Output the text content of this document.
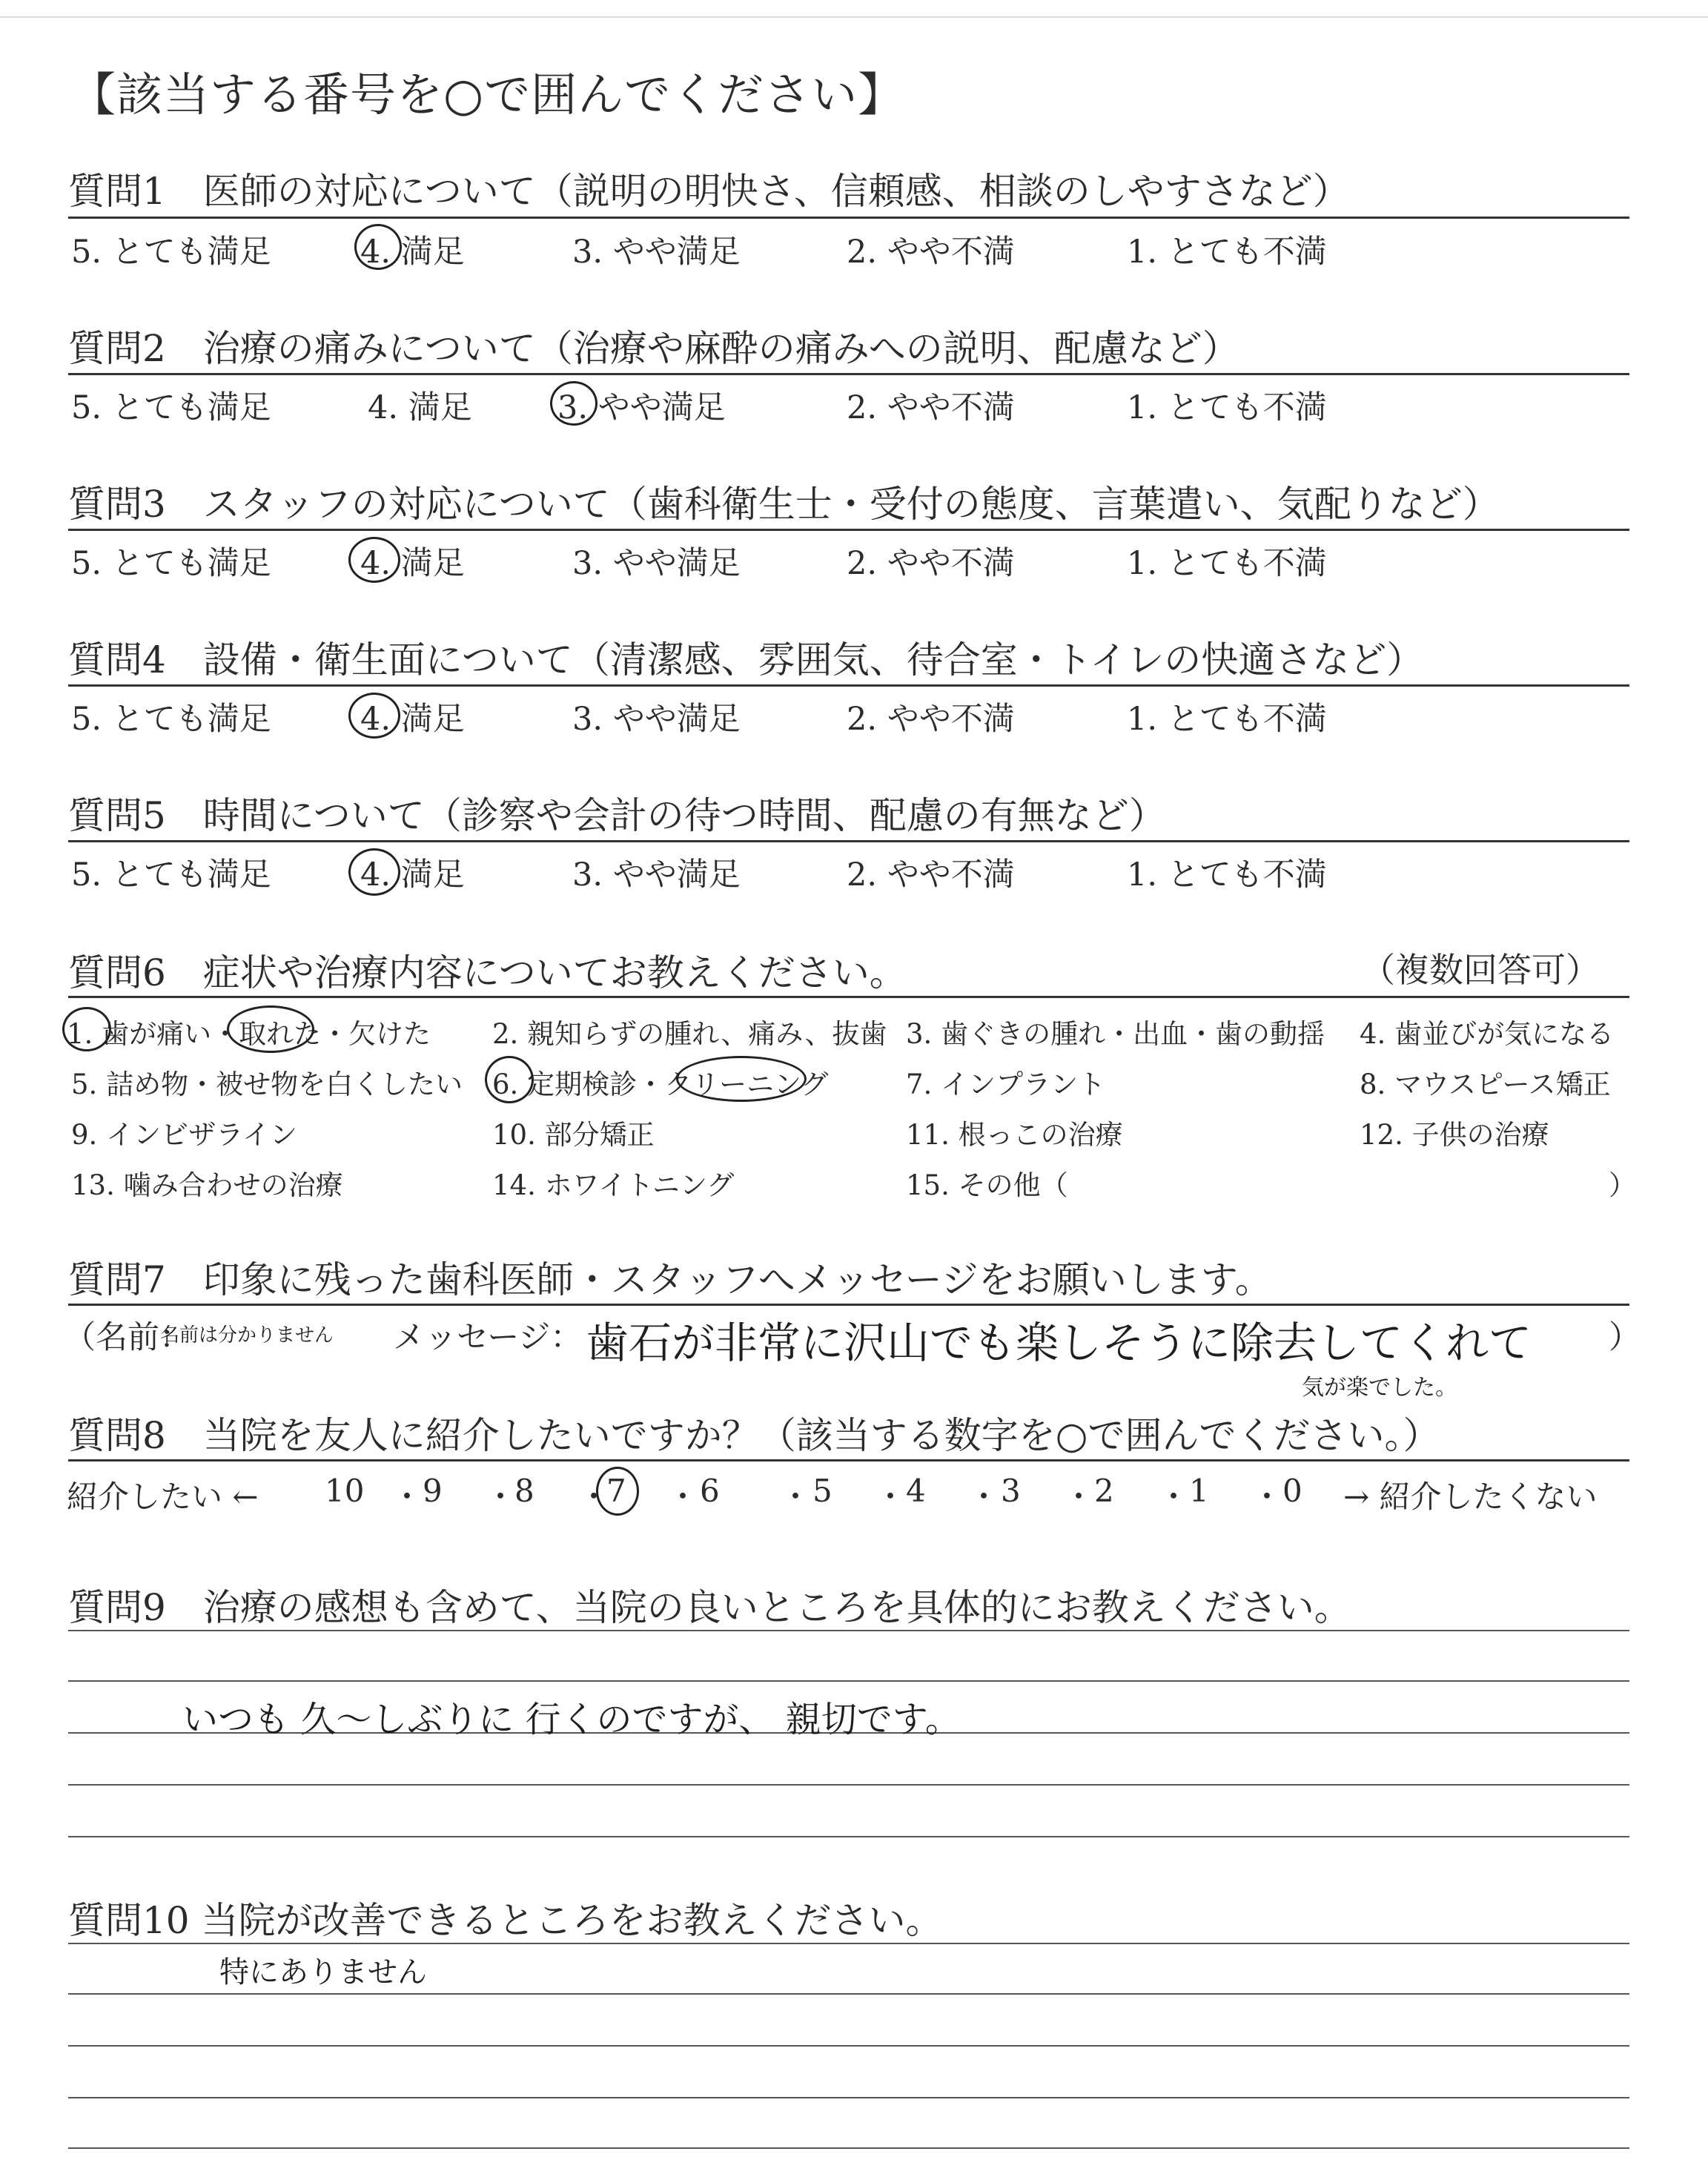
【該当する番号を○で囲んでください】
質問1　医師の対応について（説明の明快さ、信頼感、相談のしやすさなど）
5. とても満足	4. 満足	3. やや満足	2. やや不満	1. とても不満
質問2　治療の痛みについて（治療や麻酔の痛みへの説明、配慮など）
5. とても満足	4. 満足	3. やや満足	2. やや不満	1. とても不満
質問3　スタッフの対応について（歯科衛生士・受付の態度、言葉遣い、気配りなど）
5. とても満足	4. 満足	3. やや満足	2. やや不満	1. とても不満
質問4　設備・衛生面について（清潔感、雰囲気、待合室・トイレの快適さなど）
5. とても満足	4. 満足	3. やや満足	2. やや不満	1. とても不満
質問5　時間について（診察や会計の待つ時間、配慮の有無など）
5. とても満足	4. 満足	3. やや満足	2. やや不満	1. とても不満
質問6　症状や治療内容についてお教えください。	（複数回答可）
1. 歯が痛い・取れた・欠けた 2. 親知らずの腫れ、痛み、抜歯 3. 歯ぐきの腫れ・出血・歯の動揺 4. 歯並びが気になる
5. 詰め物・被せ物を白くしたい 6. 定期検診・クリーニング	7. インプラント	8. マウスピース矯正
9. インビザライン	10. 部分矯正	11. 根っこの治療	12. 子供の治療
13. 噛み合わせの治療	14. ホワイトニング	15. その他（	）
質問7　印象に残った歯科医師・スタッフへメッセージをお願いします。
（名前：
名前は分かりません メッセージ： 歯石が非常に沢山でも楽しそうに除去してくれて
気が楽でした。
）
質問8　当院を友人に紹介したいですか？（該当する数字を○で囲んでください。）
紹介したい ← 10 9 8 7 6	5 4 3 2 1 0
・ ・ ・ ・	・ ・ ・ ・ ・ ・ → 紹介したくない
質問9　治療の感想も含めて、当院の良いところを具体的にお教えください。
いつも 久～しぶりに 行くのですが、 親切です。
質問10 当院が改善できるところをお教えください。
特にありません
